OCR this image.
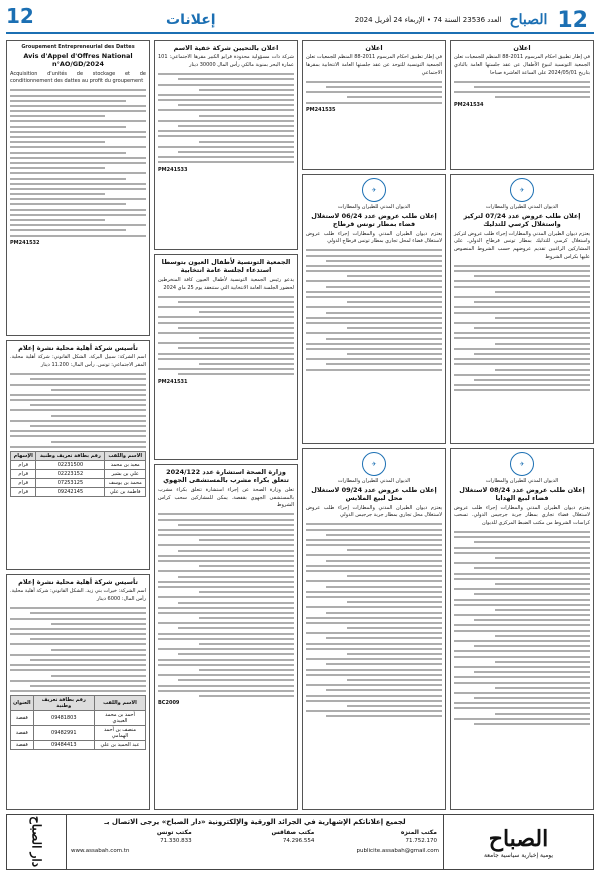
12
الصباح
العدد 23536 السنة 74 • الإربعاء 24 أفريل 2024
إعلانات
12
اعلان
في إطار تطبيق احكام المرسوم 2011-88 المنظم للجمعيات تعلن الجمعية التونسية لنبوغ الأطفال عن عقد جلستها العامة بالنادي بتاريخ 2024/05/01 على الساعة العاشرة صباحا
PM241534
✈
الديوان المدني للطيران والمطارات
إعلان طلب عروض عدد 07/24 لتركيز واستغلال كرسي للتدليك
يعتزم ديوان الطيران المدني والمطارات إجراء طلب عروض لتركيز واستغلال كرسي للتدليك بمطار تونس قرطاج الدولي. على المشاركين الراغبين تقديم عروضهم حسب الشروط المنصوص عليها بكراس الشروط
✈
الديوان المدني للطيران والمطارات
إعلان طلب عروض عدد 08/24 لاستغلال فضاء لبيع الهدايا
يعتزم ديوان الطيران المدني والمطارات إجراء طلب عروض لاستغلال فضاء تجاري بمطار جربة جرجيس الدولي. تسحب كراسات الشروط من مكتب الضبط المركزي للديوان
اعلان
في إطار تطبيق احكام المرسوم 2011-88 المنظم للجمعيات تعلن الجمعية التونسية للتوحد عن عقد جلستها العامة الانتخابية بمقرها الاجتماعي
PM241535
✈
الديوان المدني للطيران والمطارات
إعلان طلب عروض عدد 06/24 لاستغلال فضاء بمطار تونس قرطاج
يعتزم ديوان الطيران المدني والمطارات إجراء طلب عروض لاستغلال فضاء لمحل تجاري بمطار تونس قرطاج الدولي
✈
الديوان المدني للطيران والمطارات
إعلان طلب عروض عدد 09/24 لاستغلال محل لبيع الملابس
يعتزم ديوان الطيران المدني والمطارات إجراء طلب عروض لاستغلال محل تجاري بمطار جربة جرجيس الدولي
اعلان بالتحيين شركة خفية الاسم
شركة ذات مسؤولية محدودة قرابو الكبير مقرها الاجتماعي: 101 عمارة البحر بمنوبة مالكي رأس المال 30000 دينار
PM241533
الجمعية التونسية لأطفال العيون بتوسطا استدعاء لجلسة عامة انتخابية
يدعو رئيس الجمعية التونسية لأطفال العيون كافة المنخرطين لحضور الجلسة العامة الانتخابية التي ستنعقد يوم 25 ماي 2024
PM241531
وزارة الصحة استشارة عدد 2024/122 تتعلق بكراء مشرب بالمستشفى الجهوي
تعلن وزارة الصحة عن إجراء استشارة تتعلق بكراء مشرب بالمستشفى الجهوي بقفصة. يمكن للمشاركين سحب كراس الشروط
BC2009
Groupement Entrepreneurial des Dattes
Avis d'Appel d'Offres National n°AO/GD/2024
Acquisition d'unités de stockage et de conditionnement des dattes au profit du groupement
PM241532
تأسيس شركة أهلية محلية نشرة إعلام
اسم الشركة: سبيل البركة. الشكل القانوني: شركة أهلية محلية. المقر الاجتماعي: تونس. رأس المال: 11.200 دينار
الاسم واللقب	رقم بطاقة تعريف وطنية	الإسهام
معبد بن محمد	02231500	قرام
علي بن بشير	02223152	قرام
محمد بن يوسف	07253125	قرام
فاطمة بن علي	09242145	قرام
تأسيس شركة أهلية محلية نشرة إعلام
اسم الشركة: خيرات بني زيد. الشكل القانوني: شركة أهلية محلية. رأس المال: 6000 دينار
الاسم واللقب	رقم بطاقة تعريف وطنية	العنوان
أحمد بن محمد العبيدي	09481803	قفصة
منصف بن أحمد الهمامي	09482991	قفصة
عبد الحميد بن علي	09484413	قفصة
الصباح
يومية إخبارية سياسية جامعة
لجميع إعلاناتكم الإشهارية في الجرائد الورقية والإلكترونية «دار الصباح» يرجى الاتصال بـ
مكتب المنزه
71.752.170
مكتب صفاقس
74.296.554
مكتب تونس
71.330.833
publicite.assabah@gmail.com
www.assabah.com.tn
دار الصباح
